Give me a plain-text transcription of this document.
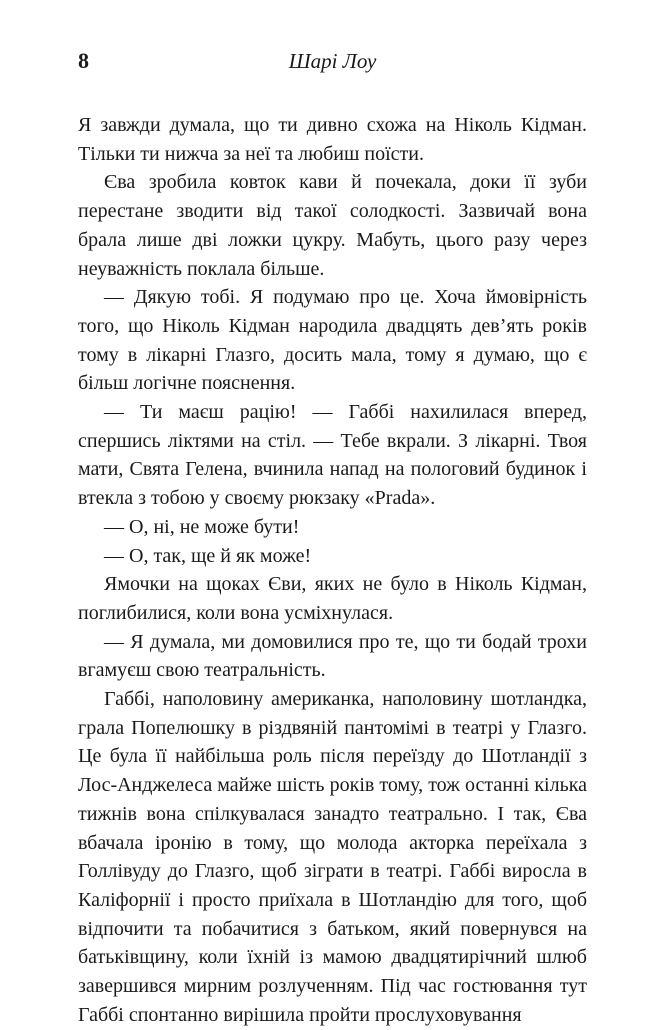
8	Шарі Лоу

Я завжди думала, що ти дивно схожа на Ніколь Кідман. Тільки ти нижча за неї та любиш поїсти.

Єва зробила ковток кави й почекала, доки її зуби перестане зводити від такої солодкості. Зазвичай вона брала лише дві ложки цукру. Мабуть, цього разу через неуважність поклала більше.

— Дякую тобі. Я подумаю про це. Хоча ймовірність того, що Ніколь Кідман народила двадцять дев’ять років тому в лікарні Глазго, досить мала, тому я думаю, що є більш логічне пояснення.

— Ти маєш рацію! — Габбі нахилилася вперед, спершись ліктями на стіл. — Тебе вкрали. З лікарні. Твоя мати, Свята Гелена, вчинила напад на пологовий будинок і втекла з тобою у своєму рюкзаку «Prada».

— О, ні, не може бути!

— О, так, ще й як може!

Ямочки на щоках Єви, яких не було в Ніколь Кідман, поглибилися, коли вона усміхнулася.

— Я думала, ми домовилися про те, що ти бодай трохи вгамуєш свою театральність.

Габбі, наполовину американка, наполовину шотландка, грала Попелюшку в різдвяній пантомімі в театрі у Глазго. Це була її найбільша роль після переїзду до Шотландії з Лос-Анджелеса майже шість років тому, тож останні кілька тижнів вона спілкувалася занадто театрально. І так, Єва вбачала іронію в тому, що молода акторка переїхала з Голлівуду до Глазго, щоб зіграти в театрі. Габбі виросла в Каліфорнії і просто приїхала в Шотландію для того, щоб відпочити та побачитися з батьком, який повернувся на батьківщину, коли їхній із мамою двадцятирічний шлюб завершився мирним розлученням. Під час гостювання тут Габбі спонтанно вирішила пройти прослуховування
